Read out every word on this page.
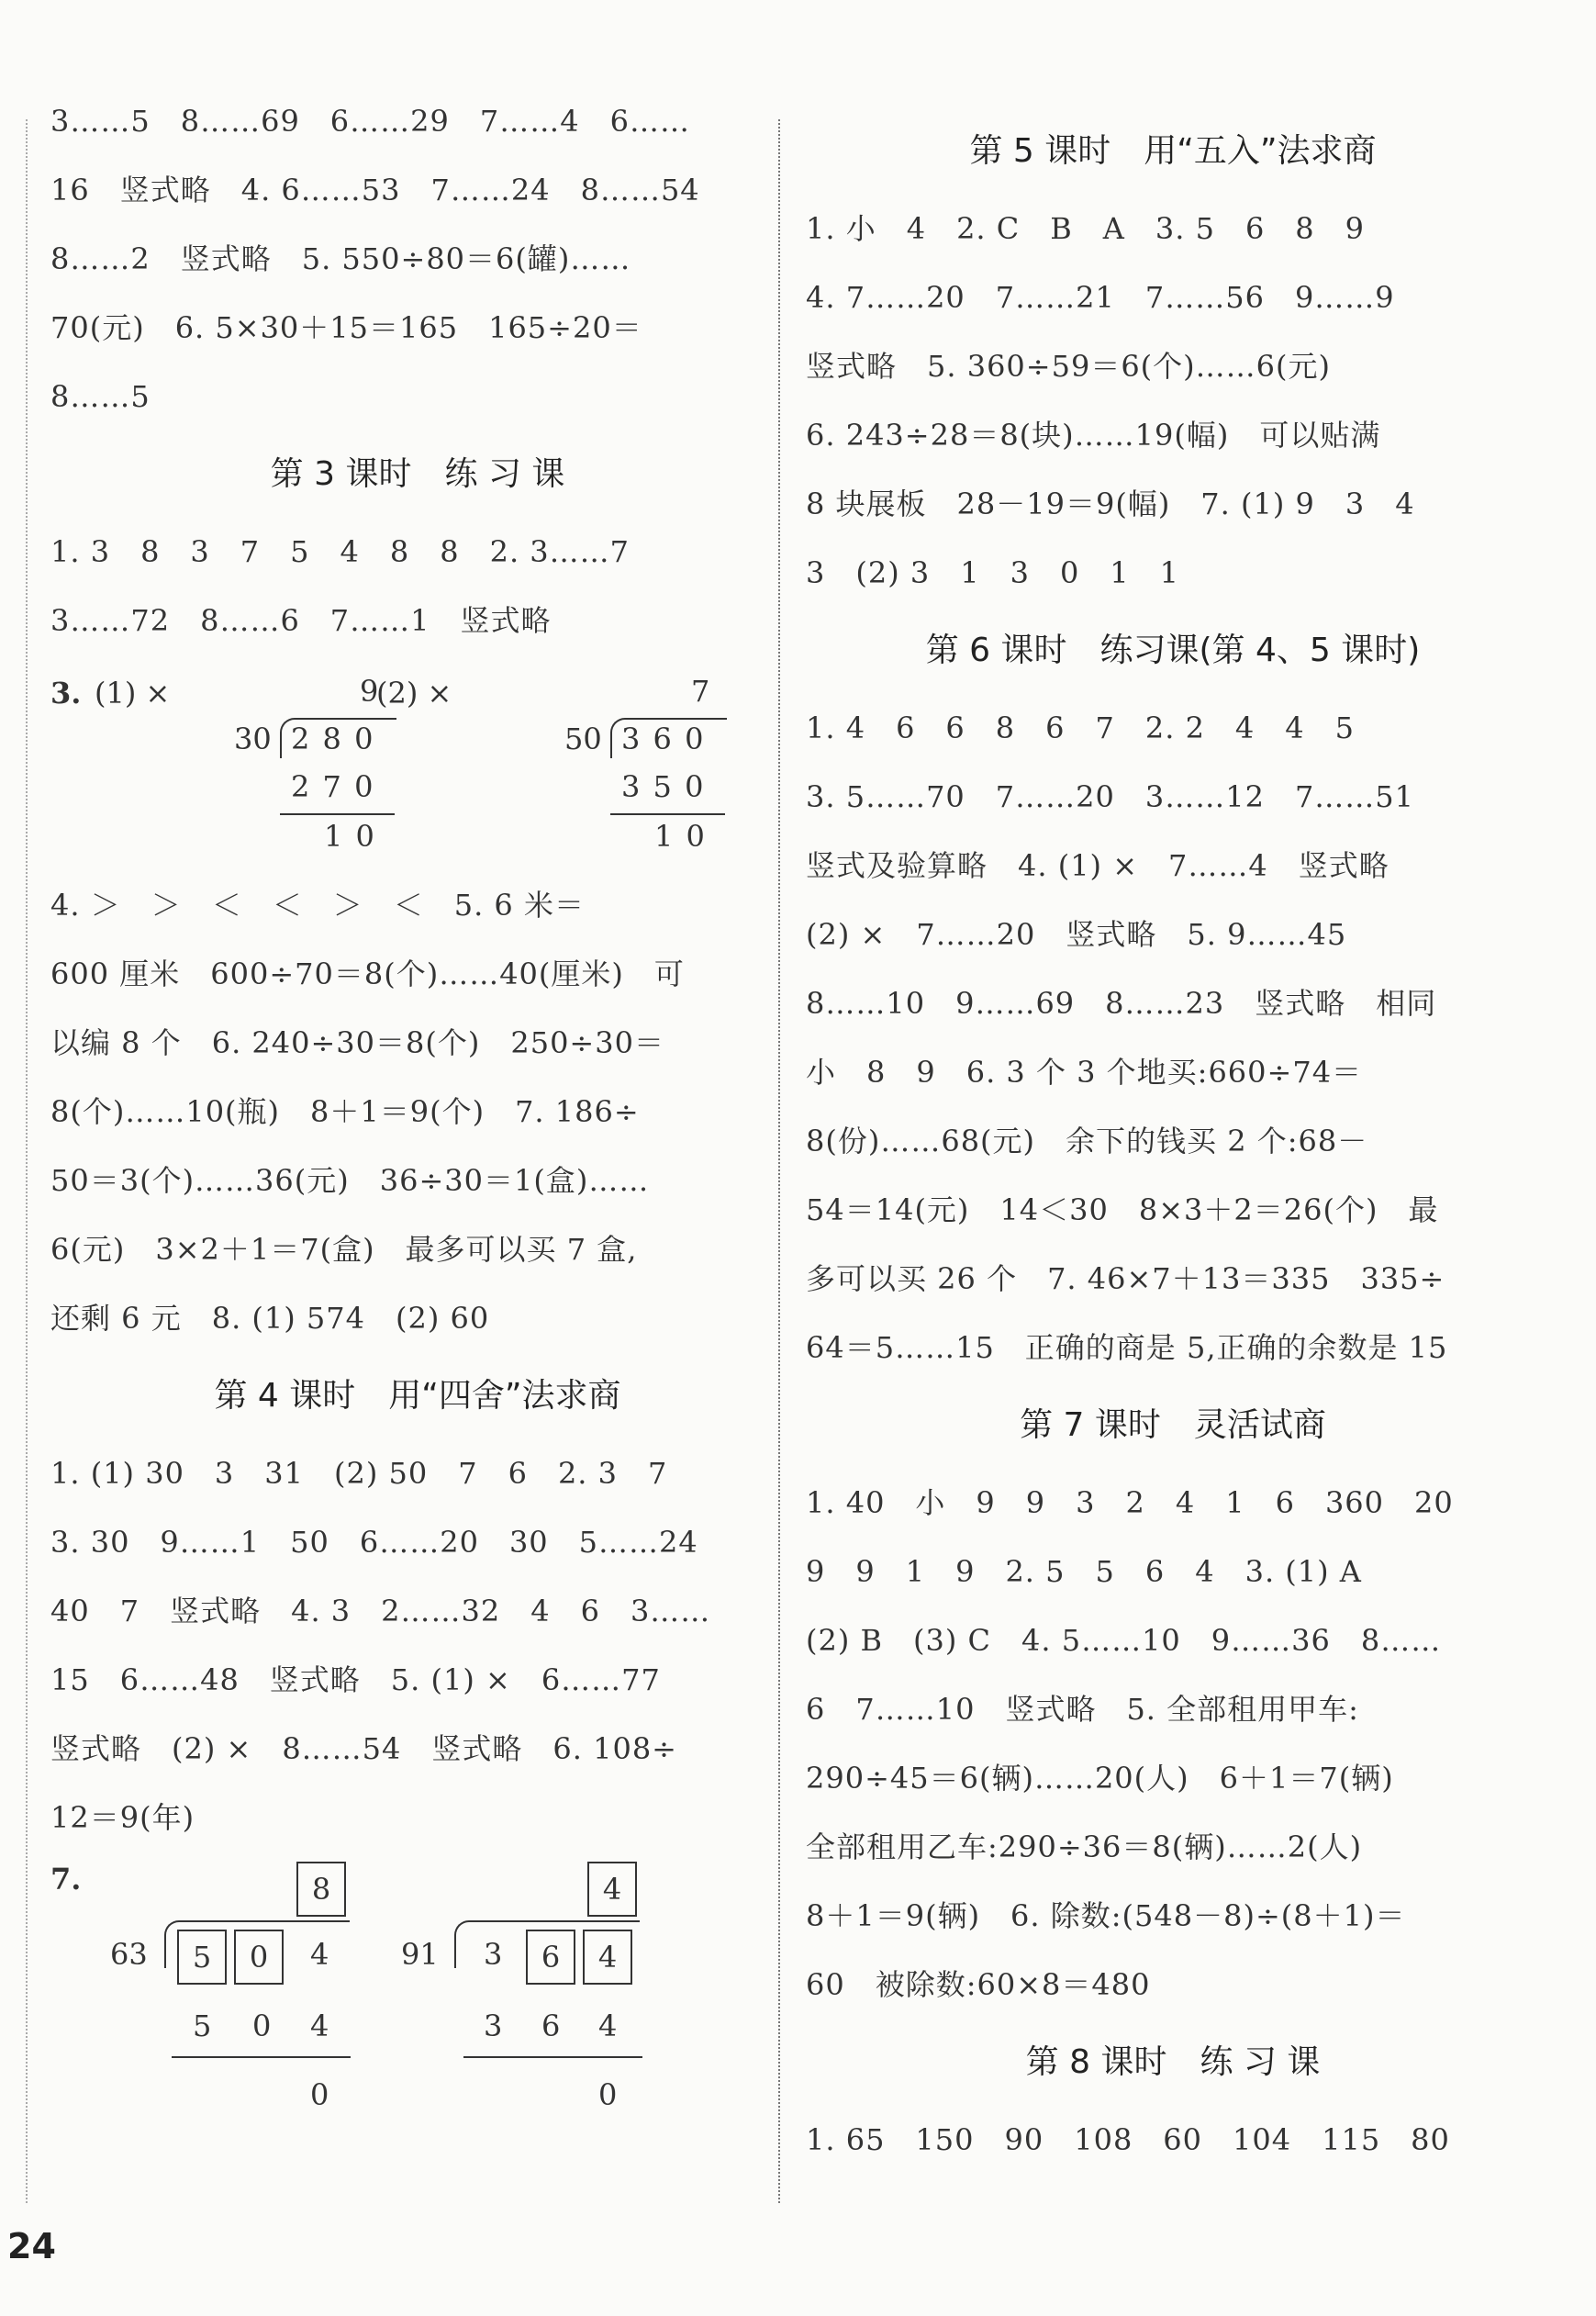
3……5　8……69　6……29　7……4　6……
16　竖式略　4. 6……53　7……24　8……54
8……2　竖式略　5. 550÷80＝6(罐)……
70(元)　6. 5×30＋15＝165　165÷20＝
8……5
第 3 课时　练 习 课
1. 3　8　3　7　5　4　8　8　2. 3……7
3……72　8……6　7……1　竖式略
3. (1) ×	(2) ×
9
30 2 8 0
2 7 0
1 0
7
50 3 6 0
3 5 0
1 0
4. ＞　＞　＜　＜　＞　＜　5. 6 米＝
600 厘米　600÷70＝8(个)……40(厘米)　可
以编 8 个　6. 240÷30＝8(个)　250÷30＝
8(个)……10(瓶)　8＋1＝9(个)　7. 186÷
50＝3(个)……36(元)　36÷30＝1(盒)……
6(元)　3×2＋1＝7(盒)　最多可以买 7 盒,
还剩 6 元　8. (1) 574　(2) 60
第 4 课时　用“四舍”法求商
1. (1) 30　3　31　(2) 50　7　6　2. 3　7
3. 30　9……1　50　6……20　30　5……24
40　7　竖式略　4. 3　2……32　4　6　3……
15　6……48　竖式略　5. (1) ×　6……77
竖式略　(2) ×　8……54　竖式略　6. 108÷
12＝9(年)
7.	8
63	5	0	4
5 0 4
0
4
91 3	6	4
3 6 4
0
第 5 课时　用“五入”法求商
1. 小　4　2. C　B　A　3. 5　6　8　9
4. 7……20　7……21　7……56　9……9
竖式略　5. 360÷59＝6(个)……6(元)
6. 243÷28＝8(块)……19(幅)　可以贴满
8 块展板　28－19＝9(幅)　7. (1) 9　3　4
3　(2) 3　1　3　0　1　1
第 6 课时　练习课(第 4、5 课时)
1. 4　6　6　8　6　7　2. 2　4　4　5
3. 5……70　7……20　3……12　7……51
竖式及验算略　4. (1) ×　7……4　竖式略
(2) ×　7……20　竖式略　5. 9……45
8……10　9……69　8……23　竖式略　相同
小　8　9　6. 3 个 3 个地买:660÷74＝
8(份)……68(元)　余下的钱买 2 个:68－
54＝14(元)　14＜30　8×3＋2＝26(个)　最
多可以买 26 个　7. 46×7＋13＝335　335÷
64＝5……15　正确的商是 5,正确的余数是 15
第 7 课时　灵活试商
1. 40　小　9　9　3　2　4　1　6　360　20
9　9　1　9　2. 5　5　6　4　3. (1) A
(2) B　(3) C　4. 5……10　9……36　8……
6　7……10　竖式略　5. 全部租用甲车:
290÷45＝6(辆)……20(人)　6＋1＝7(辆)
全部租用乙车:290÷36＝8(辆)……2(人)
8＋1＝9(辆)　6. 除数:(548－8)÷(8＋1)＝
60　被除数:60×8＝480
第 8 课时　练 习 课
1. 65　150　90　108　60　104　115　80
24
